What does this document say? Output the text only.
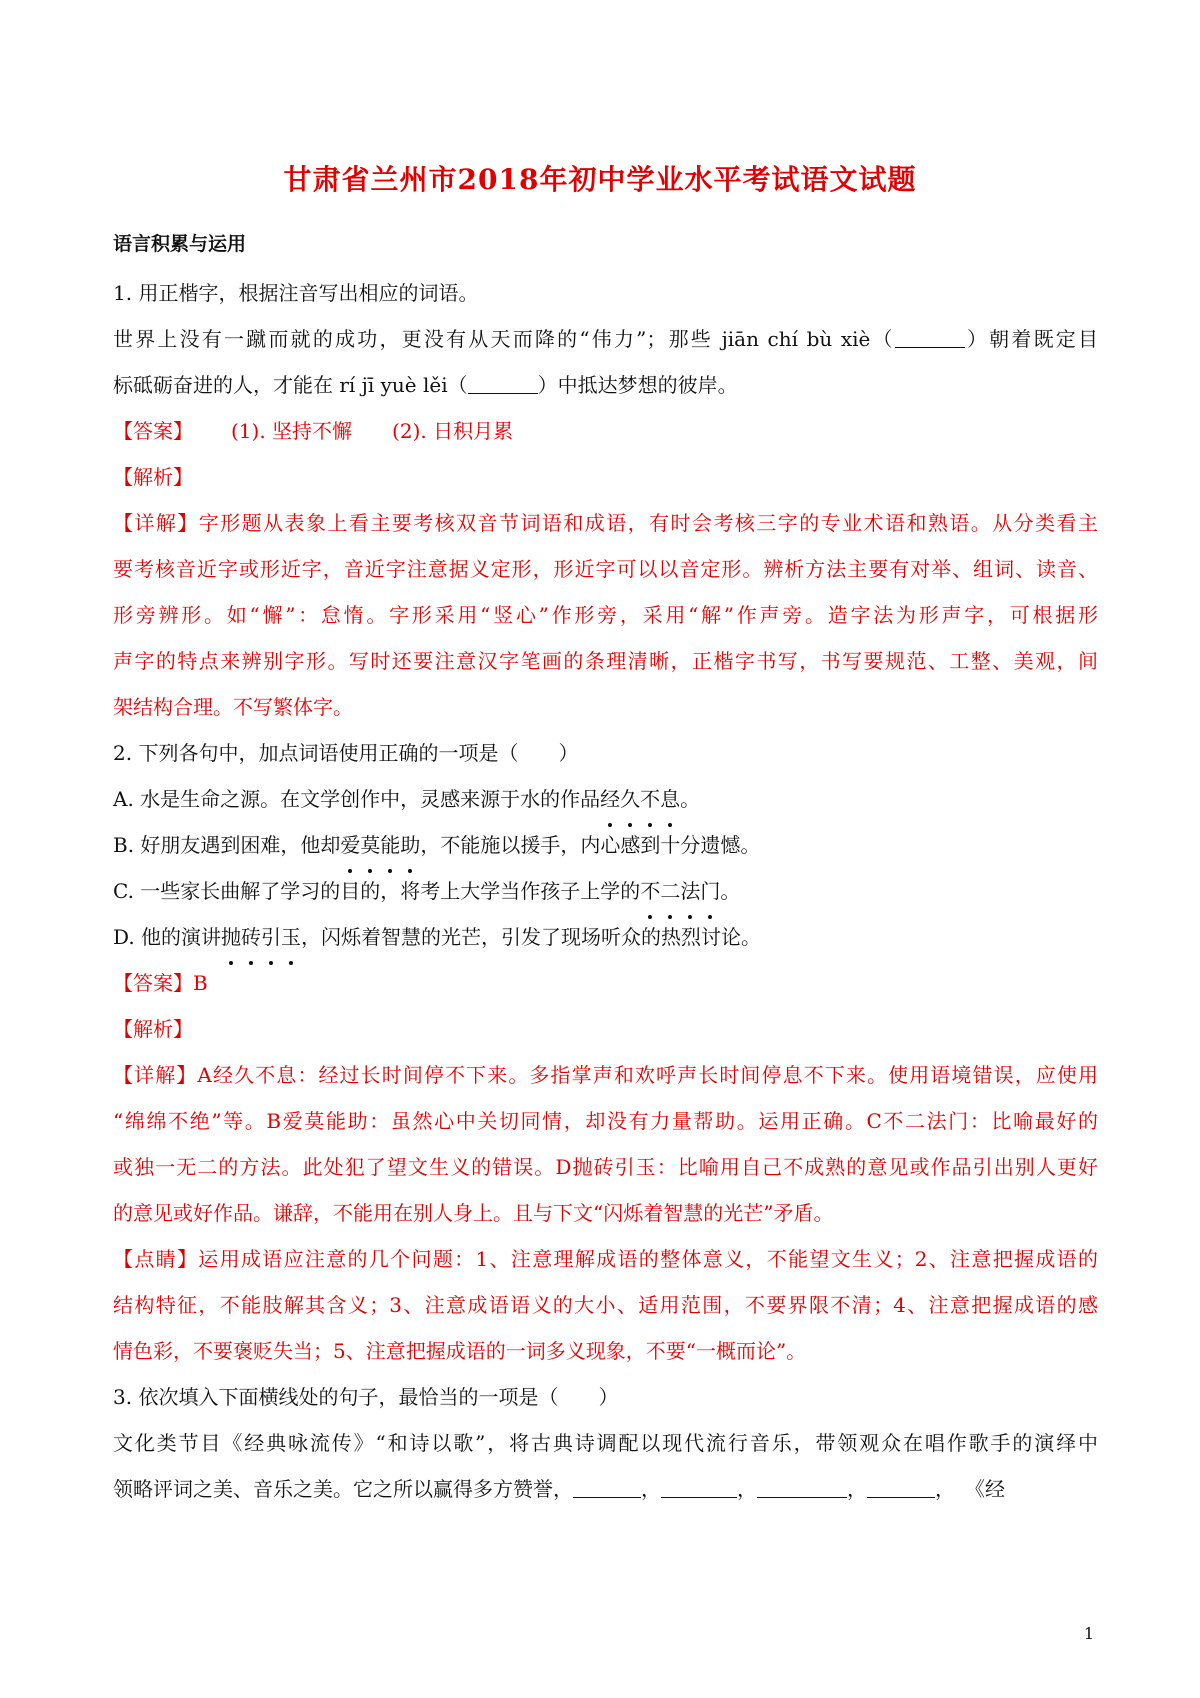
甘肃省兰州市2018年初中学业水平考试语文试题
语言积累与运用
1. 用正楷字，根据注音写出相应的词语。
世界上没有一蹴而就的成功，更没有从天而降的“伟力”；那些 jiān chí bù xiè（	）朝着既定目
标砥砺奋进的人，才能在 rí jī yuè lěi（	）中抵达梦想的彼岸。
【答案】 (1). 坚持不懈 (2). 日积月累
【解析】
【详解】字形题从表象上看主要考核双音节词语和成语，有时会考核三字的专业术语和熟语。从分类看主
要考核音近字或形近字，音近字注意据义定形，形近字可以以音定形。辨析方法主要有对举、组词、读音、
形旁辨形。如“懈”：怠惰。字形采用“竖心”作形旁，采用“解”作声旁。造字法为形声字，可根据形
声字的特点来辨别字形。写时还要注意汉字笔画的条理清晰，正楷字书写，书写要规范、工整、美观，间
架结构合理。不写繁体字。
2. 下列各句中，加点词语使用正确的一项是（　　）
A. 水是生命之源。在文学创作中，灵感来源于水的作品经久不息。
B. 好朋友遇到困难，他却爱莫能助，不能施以援手，内心感到十分遗憾。
C. 一些家长曲解了学习的目的，将考上大学当作孩子上学的不二法门。
D. 他的演讲抛砖引玉，闪烁着智慧的光芒，引发了现场听众的热烈讨论。
【答案】B
【解析】
【详解】A经久不息：经过长时间停不下来。多指掌声和欢呼声长时间停息不下来。使用语境错误，应使用
“绵绵不绝”等。B爱莫能助：虽然心中关切同情，却没有力量帮助。运用正确。C不二法门：比喻最好的
或独一无二的方法。此处犯了望文生义的错误。D抛砖引玉：比喻用自己不成熟的意见或作品引出别人更好
的意见或好作品。谦辞，不能用在别人身上。且与下文“闪烁着智慧的光芒”矛盾。
【点睛】运用成语应注意的几个问题：1、注意理解成语的整体意义，不能望文生义；2、注意把握成语的
结构特征，不能肢解其含义；3、注意成语语义的大小、适用范围，不要界限不清；4、注意把握成语的感
情色彩，不要褒贬失当；5、注意把握成语的一词多义现象，不要“一概而论”。
3. 依次填入下面横线处的句子，最恰当的一项是（　　）
文化类节目《经典咏流传》“和诗以歌”，将古典诗调配以现代流行音乐，带领观众在唱作歌手的演绎中
领略评词之美、音乐之美。它之所以赢得多方赞誉，	，	，	，	， 《经
1
